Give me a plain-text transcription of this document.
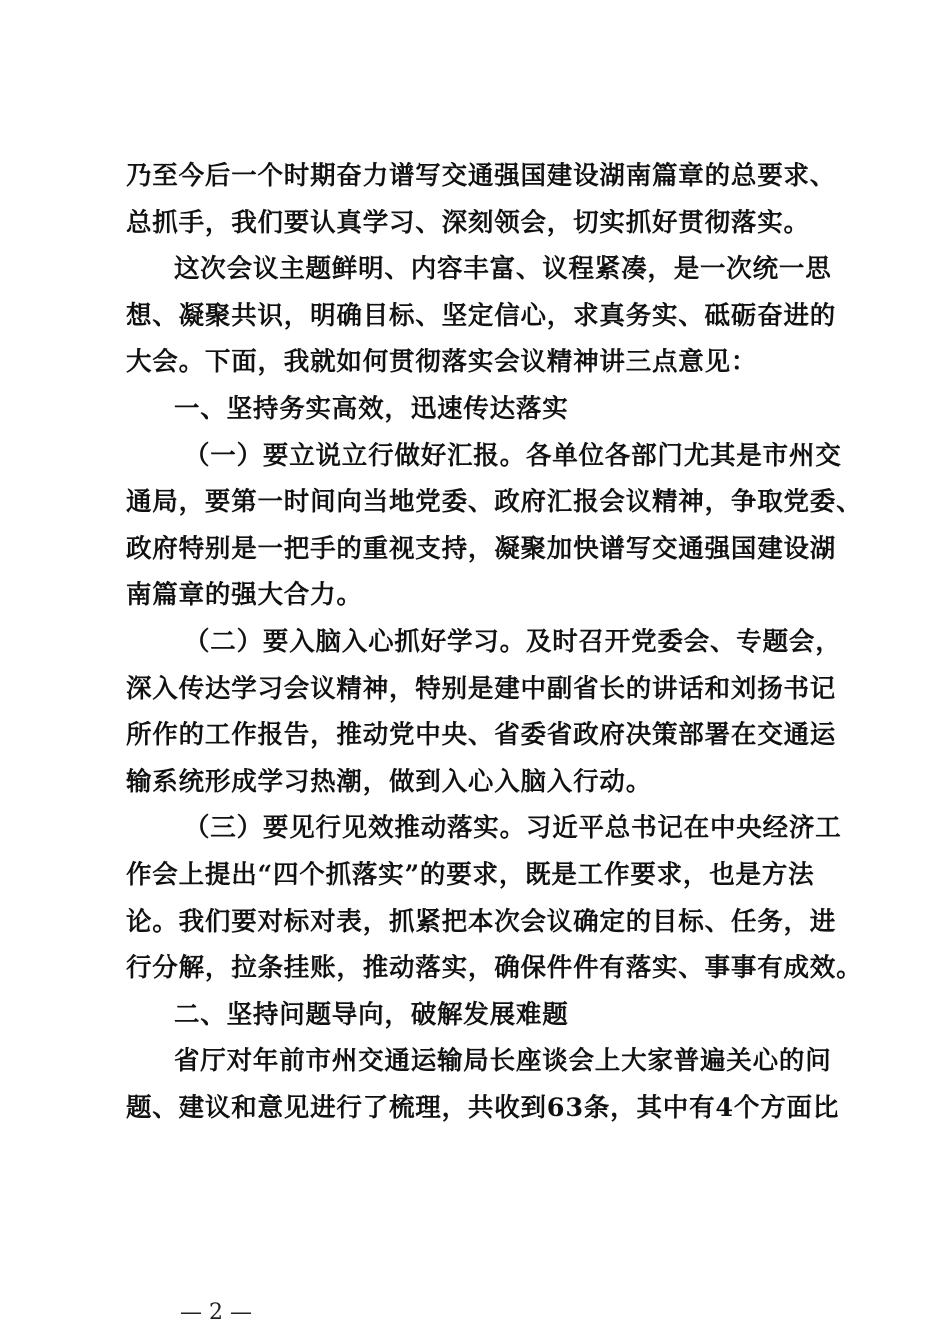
乃至今后一个时期奋力谱写交通强国建设湖南篇章的总要求、
总抓手，我们要认真学习、深刻领会，切实抓好贯彻落实。
这次会议主题鲜明、内容丰富、议程紧凑，是一次统一思
想、凝聚共识，明确目标、坚定信心，求真务实、砥砺奋进的
大会。下面，我就如何贯彻落实会议精神讲三点意见：
一、坚持务实高效，迅速传达落实
（一）要立说立行做好汇报。各单位各部门尤其是市州交
通局，要第一时间向当地党委、政府汇报会议精神，争取党委、
政府特别是一把手的重视支持，凝聚加快谱写交通强国建设湖
南篇章的强大合力。
（二）要入脑入心抓好学习。及时召开党委会、专题会，
深入传达学习会议精神，特别是建中副省长的讲话和刘扬书记
所作的工作报告，推动党中央、省委省政府决策部署在交通运
输系统形成学习热潮，做到入心入脑入行动。
（三）要见行见效推动落实。习近平总书记在中央经济工
作会上提出“四个抓落实”的要求，既是工作要求，也是方法
论。我们要对标对表，抓紧把本次会议确定的目标、任务，进
行分解，拉条挂账，推动落实，确保件件有落实、事事有成效。
二、坚持问题导向，破解发展难题
省厅对年前市州交通运输局长座谈会上大家普遍关心的问
题、建议和意见进行了梳理，共收到63条，其中有4个方面比
— 2 —
